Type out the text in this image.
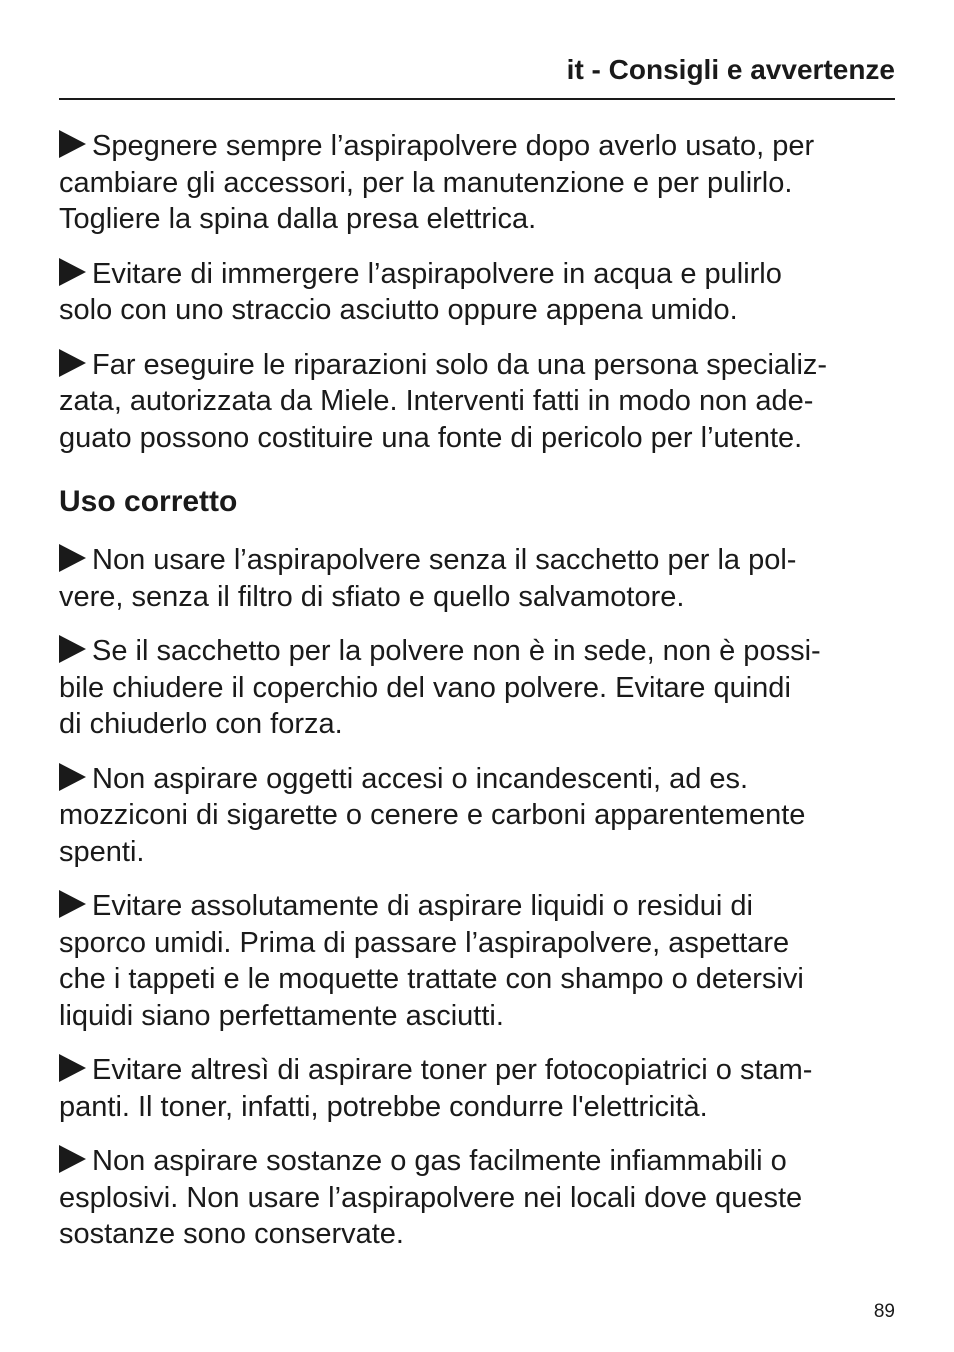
it - Consigli e avvertenze
Spegnere sempre l’aspirapolvere dopo averlo usato, per
cambiare gli accessori, per la manutenzione e per pulirlo.
Togliere la spina dalla presa elettrica.
Evitare di immergere l’aspirapolvere in acqua e pulirlo
solo con uno straccio asciutto oppure appena umido.
Far eseguire le riparazioni solo da una persona specializ-
zata, autorizzata da Miele. Interventi fatti in modo non ade-
guato possono costituire una fonte di pericolo per l’utente.
Uso corretto
Non usare l’aspirapolvere senza il sacchetto per la pol-
vere, senza il filtro di sfiato e quello salvamotore.
Se il sacchetto per la polvere non è in sede, non è possi-
bile chiudere il coperchio del vano polvere. Evitare quindi
di chiuderlo con forza.
Non aspirare oggetti accesi o incandescenti, ad es.
mozziconi di sigarette o cenere e carboni apparentemente
spenti.
Evitare assolutamente di aspirare liquidi o residui di
sporco umidi. Prima di passare l’aspirapolvere, aspettare
che i tappeti e le moquette trattate con shampo o detersivi
liquidi siano perfettamente asciutti.
Evitare altresì di aspirare toner per fotocopiatrici o stam-
panti. Il toner, infatti, potrebbe condurre l'elettricità.
Non aspirare sostanze o gas facilmente infiammabili o
esplosivi. Non usare l’aspirapolvere nei locali dove queste
sostanze sono conservate.
89
